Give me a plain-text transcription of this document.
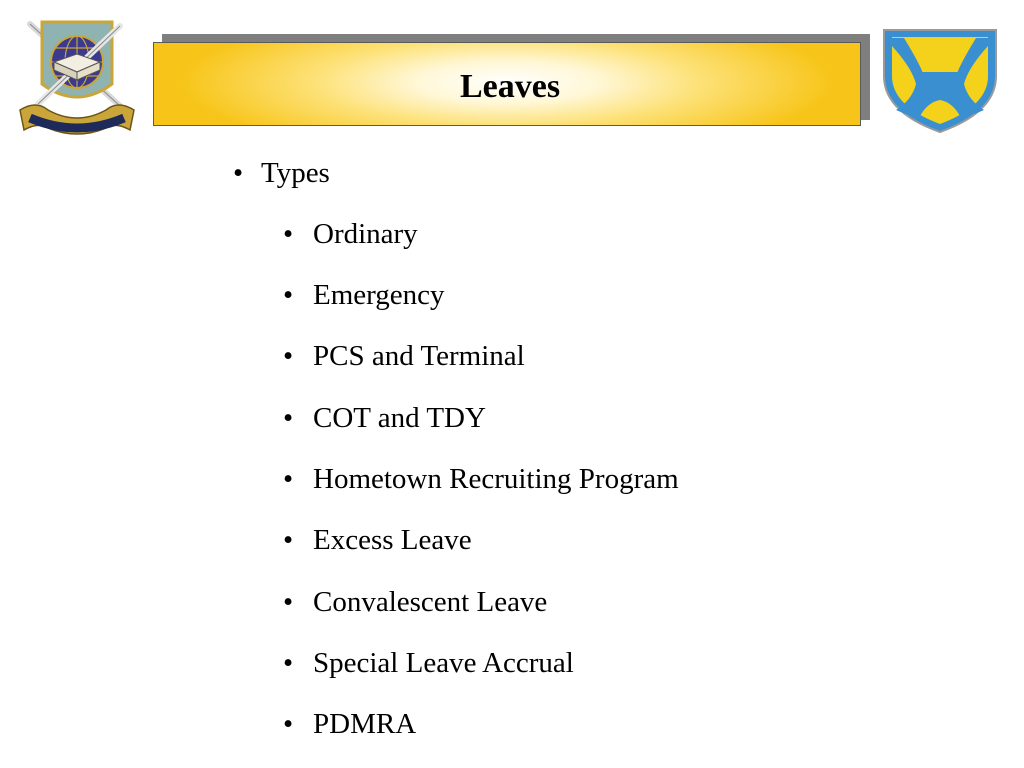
Leaves
• Types
• Ordinary
• Emergency
• PCS and Terminal
• COT and TDY
• Hometown Recruiting Program
• Excess Leave
• Convalescent Leave
• Special Leave Accrual
• PDMRA
